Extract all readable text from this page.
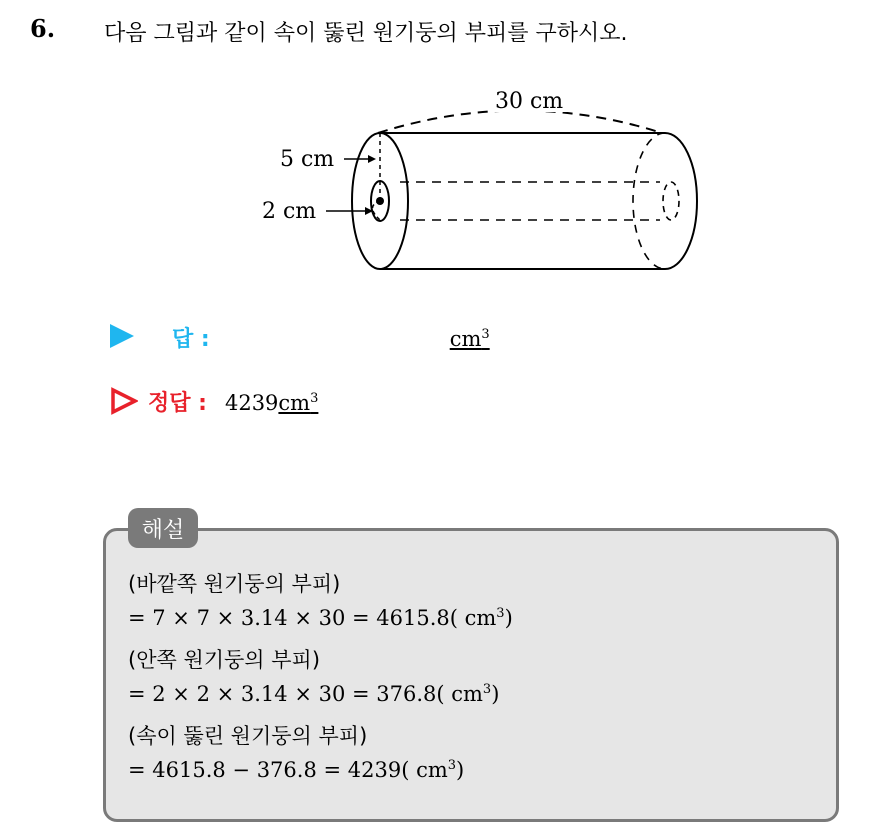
6. 다음 그림과 같이 속이 뚫린 원기둥의 부피를 구하시오.
30 cm
5 cm
2 cm
답 :	$cm^3$
정답 : 4239 $cm^3$
해설
(바깥쪽 원기둥의 부피)
= 7 × 7 × 3.14 × 30 = 4615.8( $cm^3$)
(안쪽 원기둥의 부피)
= 2 × 2 × 3.14 × 30 = 376.8( $cm^3$)
(속이 뚫린 원기둥의 부피)
= 4615.8 − 376.8 = 4239( $cm^3$)
